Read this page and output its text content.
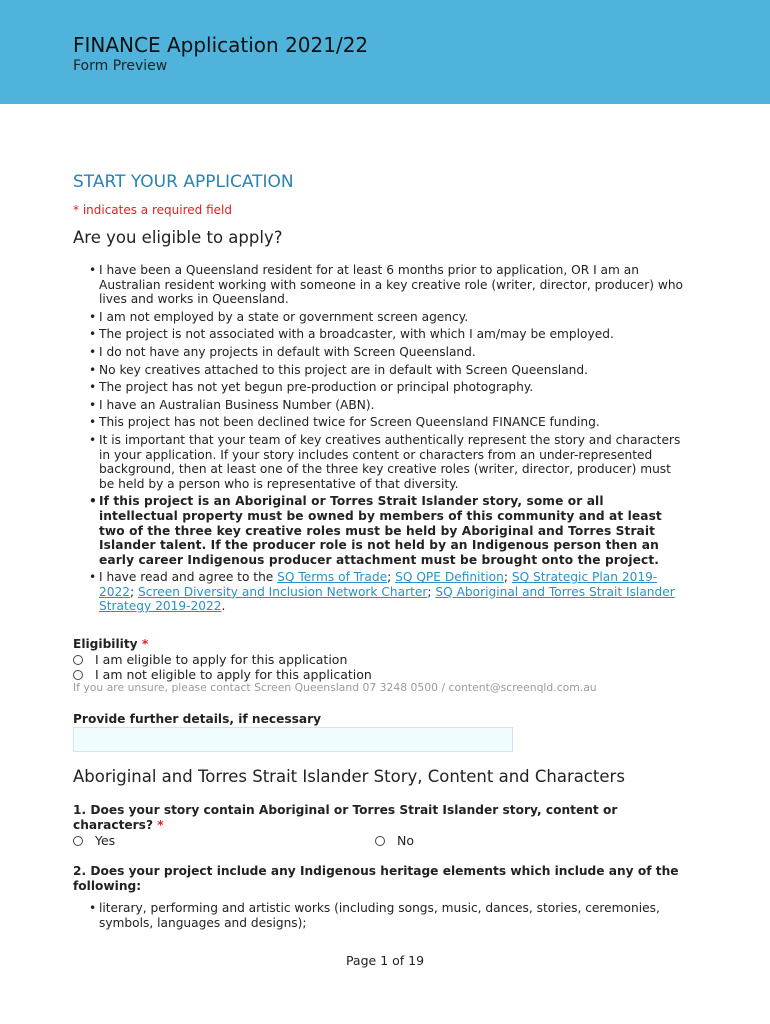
FINANCE Application 2021/22
Form Preview
START YOUR APPLICATION
* indicates a required field
Are you eligible to apply?
• I have been a Queensland resident for at least 6 months prior to application, OR I am an Australian resident working with someone in a key creative role (writer, director, producer) who lives and works in Queensland.
• I am not employed by a state or government screen agency.
• The project is not associated with a broadcaster, with which I am/may be employed.
• I do not have any projects in default with Screen Queensland.
• No key creatives attached to this project are in default with Screen Queensland.
• The project has not yet begun pre-production or principal photography.
• I have an Australian Business Number (ABN).
• This project has not been declined twice for Screen Queensland FINANCE funding.
• It is important that your team of key creatives authentically represent the story and characters in your application. If your story includes content or characters from an under-represented background, then at least one of the three key creative roles (writer, director, producer) must be held by a person who is representative of that diversity.
• If this project is an Aboriginal or Torres Strait Islander story, some or all intellectual property must be owned by members of this community and at least two of the three key creative roles must be held by Aboriginal and Torres Strait Islander talent. If the producer role is not held by an Indigenous person then an early career Indigenous producer attachment must be brought onto the project.
• I have read and agree to the SQ Terms of Trade; SQ QPE Definition; SQ Strategic Plan 2019-2022; Screen Diversity and Inclusion Network Charter; SQ Aboriginal and Torres Strait Islander Strategy 2019-2022.
Eligibility *
I am eligible to apply for this application
I am not eligible to apply for this application
If you are unsure, please contact Screen Queensland 07 3248 0500 / content@screenqld.com.au
Provide further details, if necessary
Aboriginal and Torres Strait Islander Story, Content and Characters
1. Does your story contain Aboriginal or Torres Strait Islander story, content or characters? *
Yes	No
2. Does your project include any Indigenous heritage elements which include any of the following:
• literary, performing and artistic works (including songs, music, dances, stories, ceremonies, symbols, languages and designs);
Page 1 of 19
